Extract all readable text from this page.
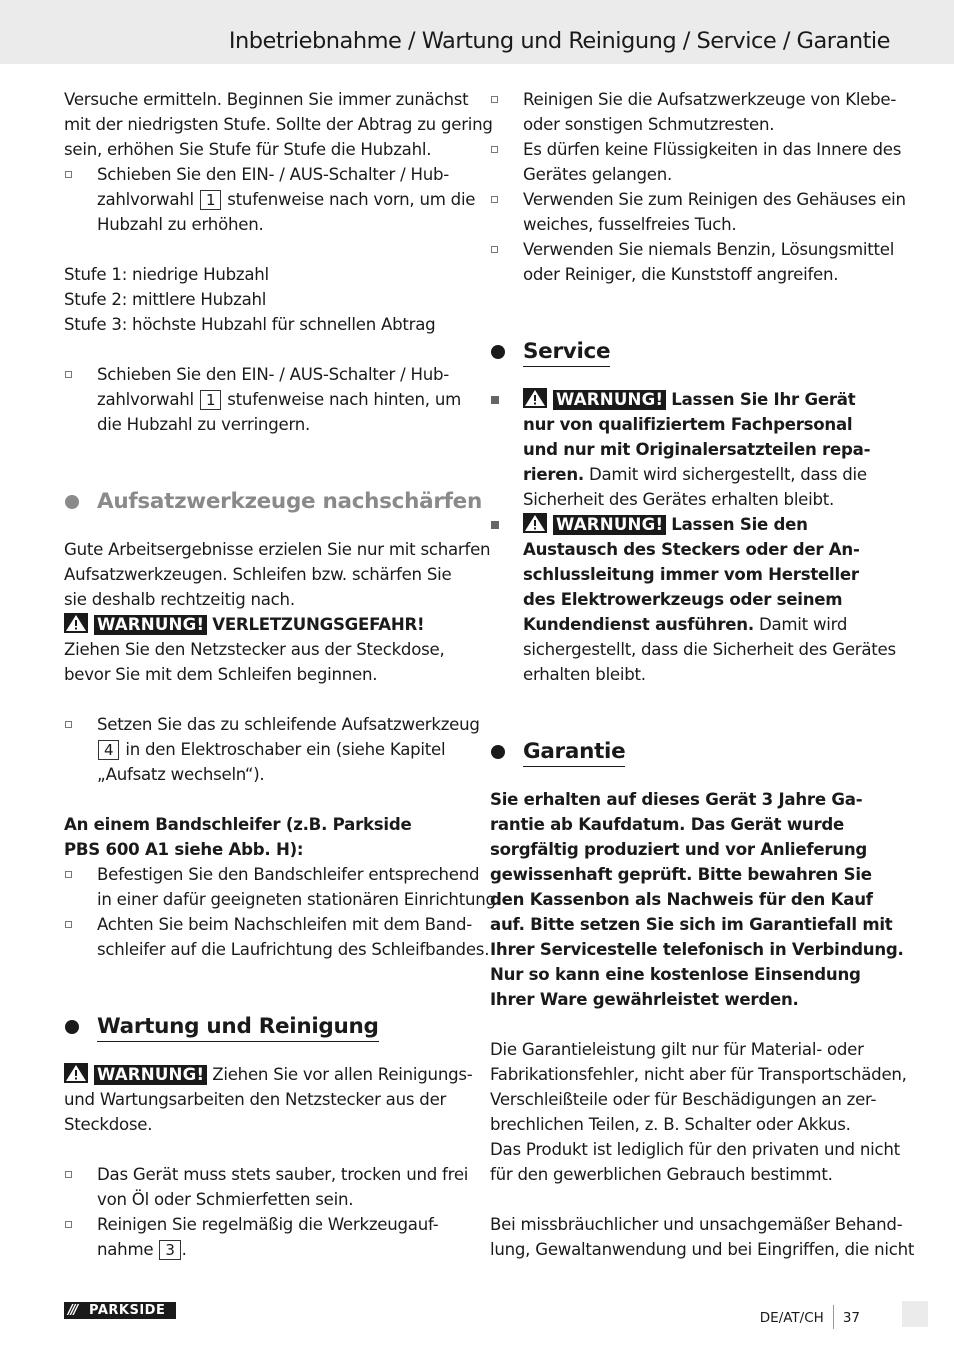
Inbetriebnahme / Wartung und Reinigung / Service / Garantie

Versuche ermitteln. Beginnen Sie immer zunächst

mit der niedrigsten Stufe. Sollte der Abtrag zu gering

sein, erhöhen Sie Stufe für Stufe die Hubzahl.

Schieben Sie den EIN- / AUS-Schalter / Hub-
zahlvorwahl 1 stufenweise nach vorn, um die
Hubzahl zu erhöhen.

Stufe 1: niedrige Hubzahl

Stufe 2: mittlere Hubzahl

Stufe 3: höchste Hubzahl für schnellen Abtrag

Schieben Sie den EIN- / AUS-Schalter / Hub-
zahlvorwahl 1 stufenweise nach hinten, um
die Hubzahl zu verringern.
Aufsatzwerkzeuge nachschärfen

Gute Arbeitsergebnisse erzielen Sie nur mit scharfen

Aufsatzwerkzeugen. Schleifen bzw. schärfen Sie

sie deshalb rechtzeitig nach.

WARNUNG! VERLETZUNGSGEFAHR!

Ziehen Sie den Netzstecker aus der Steckdose,

bevor Sie mit dem Schleifen beginnen.

Setzen Sie das zu schleifende Aufsatzwerkzeug
4 in den Elektroschaber ein (siehe Kapitel
„Aufsatz wechseln“).

An einem Bandschleifer (z.B. Parkside

PBS 600 A1 siehe Abb. H):

Befestigen Sie den Bandschleifer entsprechend
in einer dafür geeigneten stationären Einrichtung.
Achten Sie beim Nachschleifen mit dem Band-
schleifer auf die Laufrichtung des Schleifbandes.
Wartung und Reinigung

WARNUNG! Ziehen Sie vor allen Reinigungs-

und Wartungsarbeiten den Netzstecker aus der

Steckdose.

Das Gerät muss stets sauber, trocken und frei
von Öl oder Schmierfetten sein.
Reinigen Sie regelmäßig die Werkzeugauf-
nahme 3 .
Reinigen Sie die Aufsatzwerkzeuge von Klebe-
oder sonstigen Schmutzresten.
Es dürfen keine Flüssigkeiten in das Innere des
Gerätes gelangen.
Verwenden Sie zum Reinigen des Gehäuses ein
weiches, fusselfreies Tuch.
Verwenden Sie niemals Benzin, Lösungsmittel
oder Reiniger, die Kunststoff angreifen.
Service
WARNUNG! Lassen Sie Ihr Gerät
nur von qualifiziertem Fachpersonal
und nur mit Originalersatzteilen repa-
rieren. Damit wird sichergestellt, dass die
Sicherheit des Gerätes erhalten bleibt.
WARNUNG! Lassen Sie den
Austausch des Steckers oder der An-
schlussleitung immer vom Hersteller
des Elektrowerkzeugs oder seinem
Kundendienst ausführen. Damit wird
sichergestellt, dass die Sicherheit des Gerätes
erhalten bleibt.
Garantie

Sie erhalten auf dieses Gerät 3 Jahre Ga-

rantie ab Kaufdatum. Das Gerät wurde

sorgfältig produziert und vor Anlieferung

gewissenhaft geprüft. Bitte bewahren Sie

den Kassenbon als Nachweis für den Kauf

auf. Bitte setzen Sie sich im Garantiefall mit

Ihrer Servicestelle telefonisch in Verbindung.

Nur so kann eine kostenlose Einsendung

Ihrer Ware gewährleistet werden.

Die Garantieleistung gilt nur für Material- oder

Fabrikationsfehler, nicht aber für Transportschäden,

Verschleißteile oder für Beschädigungen an zer-

brechlichen Teilen, z. B. Schalter oder Akkus.

Das Produkt ist lediglich für den privaten und nicht

für den gewerblichen Gebrauch bestimmt.

Bei missbräuchlicher und unsachgemäßer Behand-

lung, Gewaltanwendung und bei Eingriffen, die nicht

/// PARKSIDE	DE/AT/CH 37
